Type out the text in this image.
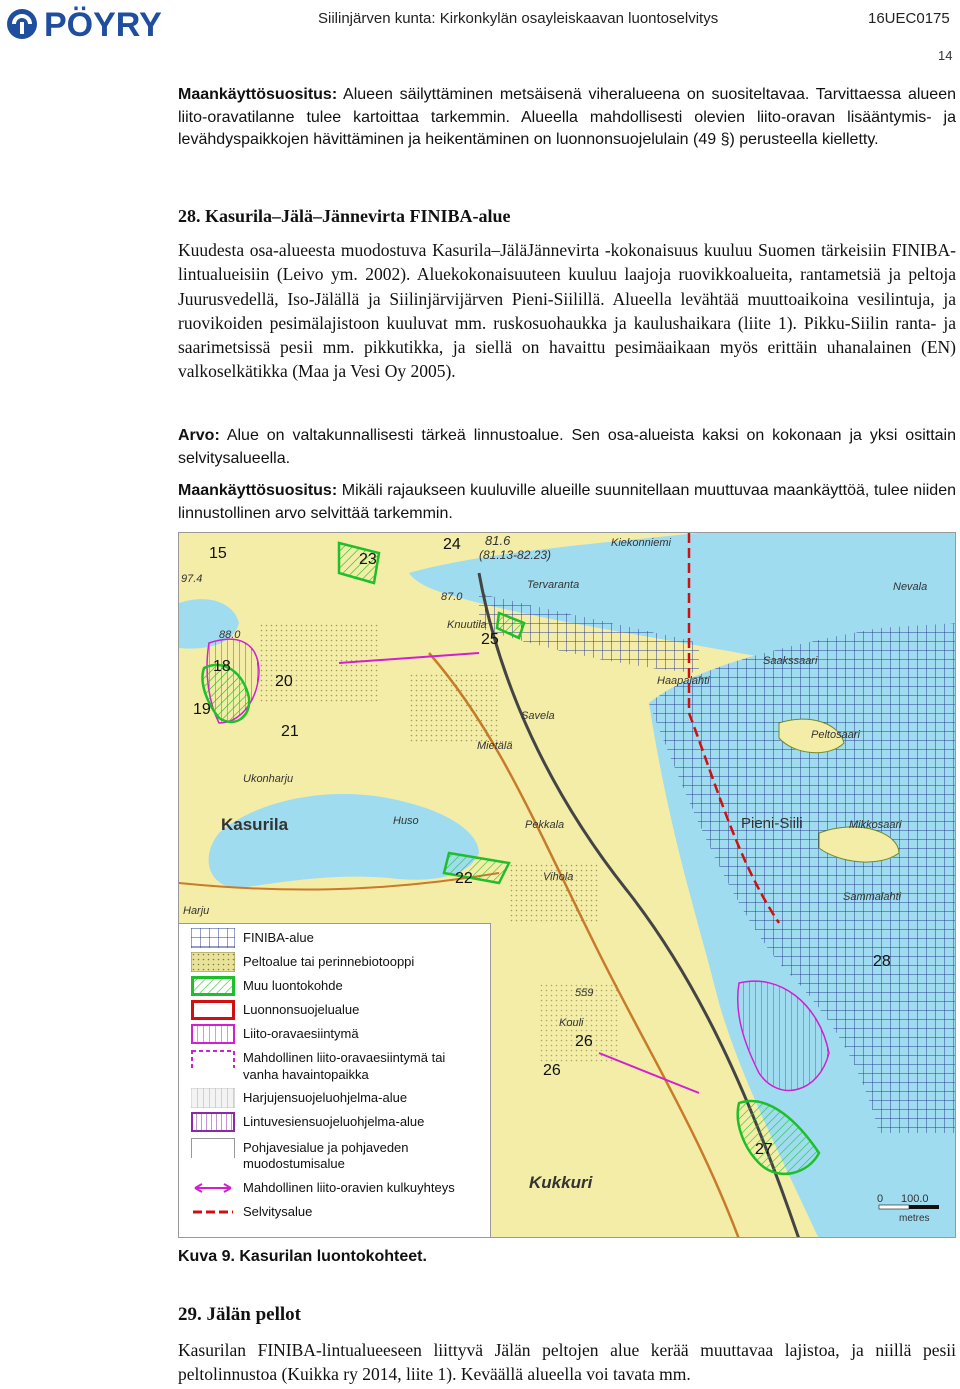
PÖYRY	Siilinjärven kunta: Kirkonkylän osayleiskaavan luontoselvitys	16UEC0175
14
Maankäyttösuositus: Alueen säilyttäminen metsäisenä viheralueena on suositeltavaa. Tarvittaessa alueen liito-oravatilanne tulee kartoittaa tarkemmin. Alueella mahdollisesti olevien liito-oravan lisääntymis- ja levähdyspaikkojen hävittäminen ja heikentäminen on luonnonsuojelulain (49 §) perusteella kielletty.
28. Kasurila–Jälä–Jännevirta FINIBA-alue
Kuudesta osa-alueesta muodostuva Kasurila–JäläJännevirta -kokonaisuus kuuluu Suomen tärkeisiin FINIBA-lintualueisiin (Leivo ym. 2002). Aluekokonaisuuteen kuuluu laajoja ruovikkoalueita, rantametsiä ja peltoja Juurusvedellä, Iso-Jälällä ja Siilinjärvijärven Pieni-Siilillä. Alueella levähtää muuttoaikoina vesilintuja, ja ruovikoiden pesimälajistoon kuuluvat mm. ruskosuohaukka ja kaulushaikara (liite 1). Pikku-Siilin ranta- ja saarimetsissä pesii mm. pikkutikka, ja siellä on havaittu pesimäaikaan myös erittäin uhanalainen (EN) valkoselkätikka (Maa ja Vesi Oy 2005).
Arvo: Alue on valtakunnallisesti tärkeä linnustoalue. Sen osa-alueista kaksi on kokonaan ja yksi osittain selvitysalueella.
Maankäyttösuositus: Mikäli rajaukseen kuuluville alueille suunnitellaan muuttuvaa maankäyttöä, tulee niiden linnustollinen arvo selvittää tarkemmin.
15	23
24
25
18
20
19
21
22
28
26
26
27
Kasurila
Kukkuri
Pieni-Siili
Huso	Pekkala
Vihola
Savela
Kiekonniemi
Tervaranta
Ukonharju
Mietälä
Knuutila
Haapalahti
Saakssaari
Peltosaari
Mikkosaari
Sammalahti
Nevala
Kouli
Harju
81.6
(81.13-82.23)
87.0
97.4
88.0
559
0 100.0
metres
FINIBA-alue
Peltoalue tai perinnebiotooppi
Muu luontokohde
Luonnonsuojelualue
Liito-oravaesiintymä
Mahdollinen liito-oravaesiintymä tai
vanha havaintopaikka
Harjujensuojeluohjelma-alue
Lintuvesiensuojeluohjelma-alue
Pohjavesialue ja pohjaveden
muodostumisalue
Mahdollinen liito-oravien kulkuyhteys
Selvitysalue
Kuva 9. Kasurilan luontokohteet.
29. Jälän pellot
Kasurilan FINIBA-lintualueeseen liittyvä Jälän peltojen alue kerää muuttavaa lajistoa, ja niillä pesii peltolinnustoa (Kuikka ry 2014, liite 1). Keväällä alueella voi tavata mm.
